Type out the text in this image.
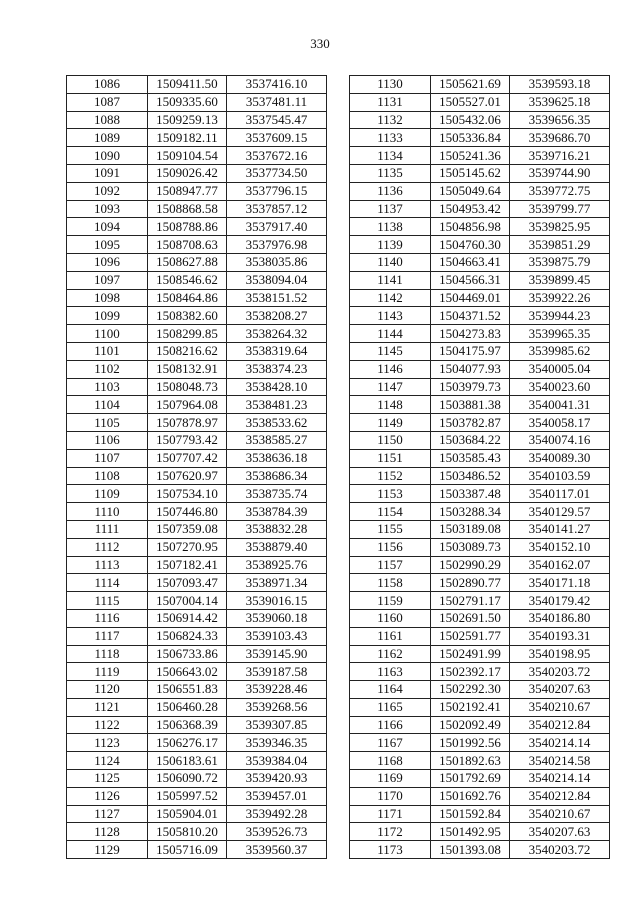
330
1086	1509411.50	3537416.10
1087	1509335.60	3537481.11
1088	1509259.13	3537545.47
1089	1509182.11	3537609.15
1090	1509104.54	3537672.16
1091	1509026.42	3537734.50
1092	1508947.77	3537796.15
1093	1508868.58	3537857.12
1094	1508788.86	3537917.40
1095	1508708.63	3537976.98
1096	1508627.88	3538035.86
1097	1508546.62	3538094.04
1098	1508464.86	3538151.52
1099	1508382.60	3538208.27
1100	1508299.85	3538264.32
1101	1508216.62	3538319.64
1102	1508132.91	3538374.23
1103	1508048.73	3538428.10
1104	1507964.08	3538481.23
1105	1507878.97	3538533.62
1106	1507793.42	3538585.27
1107	1507707.42	3538636.18
1108	1507620.97	3538686.34
1109	1507534.10	3538735.74
1110	1507446.80	3538784.39
1111	1507359.08	3538832.28
1112	1507270.95	3538879.40
1113	1507182.41	3538925.76
1114	1507093.47	3538971.34
1115	1507004.14	3539016.15
1116	1506914.42	3539060.18
1117	1506824.33	3539103.43
1118	1506733.86	3539145.90
1119	1506643.02	3539187.58
1120	1506551.83	3539228.46
1121	1506460.28	3539268.56
1122	1506368.39	3539307.85
1123	1506276.17	3539346.35
1124	1506183.61	3539384.04
1125	1506090.72	3539420.93
1126	1505997.52	3539457.01
1127	1505904.01	3539492.28
1128	1505810.20	3539526.73
1129	1505716.09	3539560.37
1130	1505621.69	3539593.18
1131	1505527.01	3539625.18
1132	1505432.06	3539656.35
1133	1505336.84	3539686.70
1134	1505241.36	3539716.21
1135	1505145.62	3539744.90
1136	1505049.64	3539772.75
1137	1504953.42	3539799.77
1138	1504856.98	3539825.95
1139	1504760.30	3539851.29
1140	1504663.41	3539875.79
1141	1504566.31	3539899.45
1142	1504469.01	3539922.26
1143	1504371.52	3539944.23
1144	1504273.83	3539965.35
1145	1504175.97	3539985.62
1146	1504077.93	3540005.04
1147	1503979.73	3540023.60
1148	1503881.38	3540041.31
1149	1503782.87	3540058.17
1150	1503684.22	3540074.16
1151	1503585.43	3540089.30
1152	1503486.52	3540103.59
1153	1503387.48	3540117.01
1154	1503288.34	3540129.57
1155	1503189.08	3540141.27
1156	1503089.73	3540152.10
1157	1502990.29	3540162.07
1158	1502890.77	3540171.18
1159	1502791.17	3540179.42
1160	1502691.50	3540186.80
1161	1502591.77	3540193.31
1162	1502491.99	3540198.95
1163	1502392.17	3540203.72
1164	1502292.30	3540207.63
1165	1502192.41	3540210.67
1166	1502092.49	3540212.84
1167	1501992.56	3540214.14
1168	1501892.63	3540214.58
1169	1501792.69	3540214.14
1170	1501692.76	3540212.84
1171	1501592.84	3540210.67
1172	1501492.95	3540207.63
1173	1501393.08	3540203.72
